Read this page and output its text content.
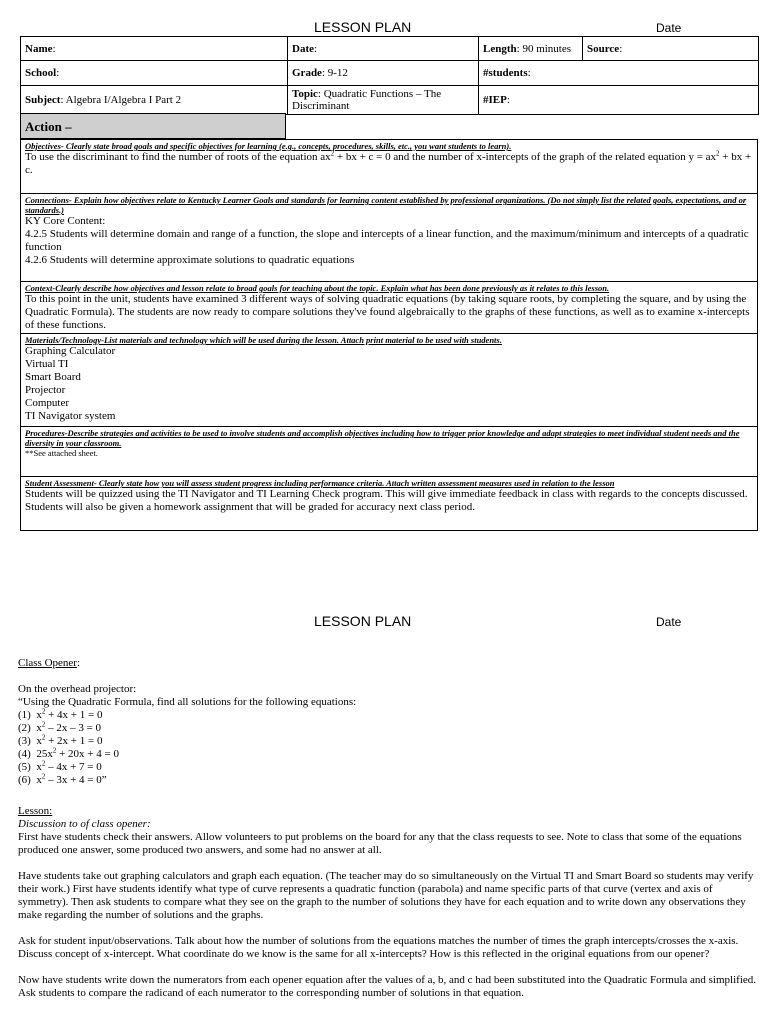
LESSON PLAN	Date
Name:	Date:	Length: 90 minutes	Source:
School:	Grade: 9-12	#students:	
Subject: Algebra I/Algebra I Part 2	Topic: Quadratic Functions – The Discriminant	#IEP:	
Action –
Objectives- Clearly state broad goals and specific objectives for learning (e.g., concepts, procedures, skills, etc., you want students to learn).
To use the discriminant to find the number of roots of the equation $ax^2$ + bx + c = 0 and the number of x-intercepts of the graph of the related equation $y = ax^2$ + bx + c.
Connections- Explain how objectives relate to Kentucky Learner Goals and standards for learning content established by professional organizations. (Do not simply list the related goals, expectations, and or standards.)
KY Core Content:
4.2.5 Students will determine domain and range of a function, the slope and intercepts of a linear function, and the maximum/minimum and intercepts of a quadratic function
4.2.6 Students will determine approximate solutions to quadratic equations
Context-Clearly describe how objectives and lesson relate to broad goals for teaching about the topic. Explain what has been done previously as it relates to this lesson.
To this point in the unit, students have examined 3 different ways of solving quadratic equations (by taking square roots, by completing the square, and by using the Quadratic Formula). The students are now ready to compare solutions they've found algebraically to the graphs of these functions, as well as to examine x-intercepts of these functions.
Materials/Technology-List materials and technology which will be used during the lesson. Attach print material to be used with students.
Graphing Calculator
Virtual TI
Smart Board
Projector
Computer
TI Navigator system
Procedures-Describe strategies and activities to be used to involve students and accomplish objectives including how to trigger prior knowledge and adapt strategies to meet individual student needs and the diversity in your classroom.
**See attached sheet.
Student Assessment- Clearly state how you will assess student progress including performance criteria. Attach written assessment measures used in relation to the lesson
Students will be quizzed using the TI Navigator and TI Learning Check program. This will give immediate feedback in class with regards to the concepts discussed. Students will also be given a homework assignment that will be graded for accuracy next class period.
LESSON PLAN	Date
Class Opener:
On the overhead projector:
“Using the Quadratic Formula, find all solutions for the following equations:
(1) $x^2 + 4x + 1 = 0$
(2) $x^2 - 2x - 3 = 0$
(3) $x^2 + 2x + 1 = 0$
(4) $25x^2 + 20x + 4 = 0$
(5) $x^2 - 4x + 7 = 0$
(6) $x^2 - 3x + 4 = 0$”
Lesson:
Discussion to of class opener:
First have students check their answers. Allow volunteers to put problems on the board for any that the class requests to see. Note to class that some of the equations produced one answer, some produced two answers, and some had no answer at all.
Have students take out graphing calculators and graph each equation. (The teacher may do so simultaneously on the Virtual TI and Smart Board so students may verify their work.) First have students identify what type of curve represents a quadratic function (parabola) and name specific parts of that curve (vertex and axis of symmetry). Then ask students to compare what they see on the graph to the number of solutions they have for each equation and to write down any observations they make regarding the number of solutions and the graphs.
Ask for student input/observations. Talk about how the number of solutions from the equations matches the number of times the graph intercepts/crosses the x-axis. Discuss concept of x-intercept. What coordinate do we know is the same for all x-intercepts? How is this reflected in the original equations from our opener?
Now have students write down the numerators from each opener equation after the values of a, b, and c had been substituted into the Quadratic Formula and simplified. Ask students to compare the radicand of each numerator to the corresponding number of solutions in that equation.
